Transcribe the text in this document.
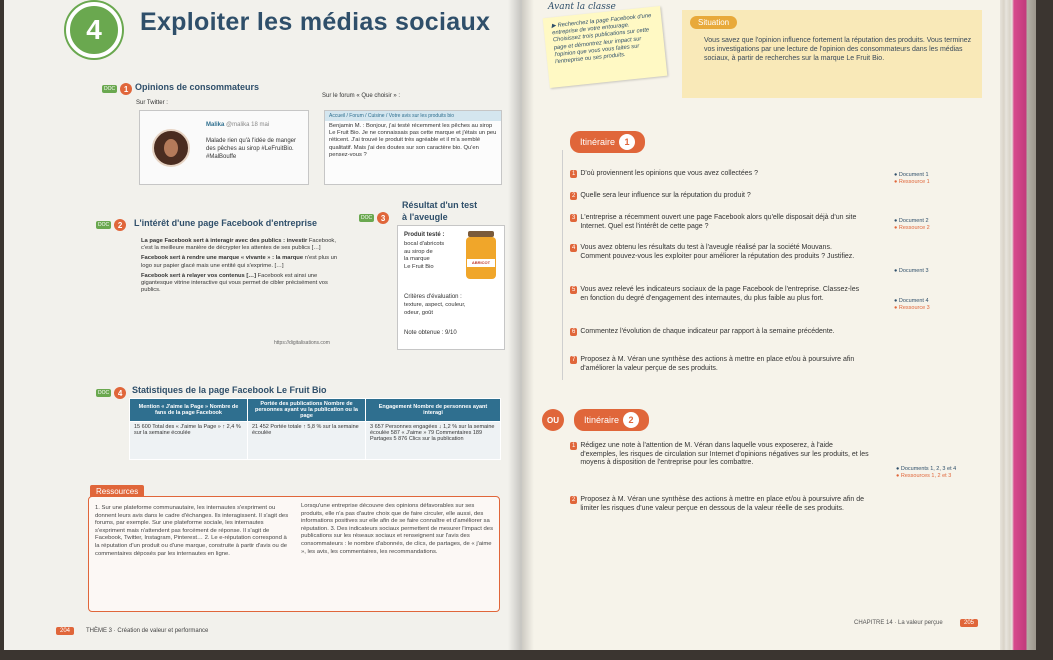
4 Exploiter les médias sociaux
DOC	1 Opinions de consommateurs
Sur Twitter :
Sur le forum « Que choisir » :
Malika @malika 18 mai
Malade rien qu'à l'idée de manger des pêches au sirop #LeFruitBio. #MalBouffe
Accueil / Forum / Cuisine / Votre avis sur les produits bio
Benjamin M. : Bonjour, j'ai testé récemment les pêches au sirop Le Fruit Bio. Je ne connaissais pas cette marque et j'étais un peu réticent. J'ai trouvé le produit très agréable et il m'a semblé qualitatif. Mais j'ai des doutes sur son caractère bio. Qu'en pensez-vous ?
DOC	2	L'intérêt d'une page Facebook d'entreprise
La page Facebook sert à interagir avec des publics : investir Facebook, c'est la meilleure manière de décrypter les attentes de ses publics […]
Facebook sert à rendre une marque « vivante » : la marque n'est plus un logo sur papier glacé mais une entité qui s'exprime. […]
Facebook sert à relayer vos contenus […] Facebook est ainsi une gigantesque vitrine interactive qui vous permet de cibler précisément vos publics.
https://digitalisations.com
Résultat d'un test
DOC	3	à l'aveugle
Produit testé :
bocal d'abricots
au sirop de
la marque
Le Fruit Bio
ABRICOT
Critères d'évaluation :
texture, aspect, couleur,
odeur, goût
Note obtenue : 9/10
DOC	4	Statistiques de la page Facebook Le Fruit Bio
Mention « J'aime la Page » Nombre de fans de la page Facebook	Portée des publications Nombre de personnes ayant vu la publication ou la page	Engagement Nombre de personnes ayant interagi
15 600 Total des « J'aime la Page » ↑ 2,4 % sur la semaine écoulée	21 452 Portée totale ↑ 5,8 % sur la semaine écoulée	3 657 Personnes engagées ↓ 1,2 % sur la semaine écoulée 587 « J'aime » 79 Commentaires 189 Partages 5 876 Clics sur la publication
Ressources
1. Sur une plateforme communautaire, les internautes s'expriment ou donnent leurs avis dans le cadre d'échanges. Ils interagissent. Il s'agit des forums, par exemple. Sur une plateforme sociale, les internautes s'expriment mais n'attendent pas forcément de réponse. Il s'agit de Facebook, Twitter, Instagram, Pinterest… 2. Le e-réputation correspond à la réputation d'un produit ou d'une marque, construite à partir d'avis ou de commentaires déposés par les internautes en ligne.
Lorsqu'une entreprise découvre des opinions défavorables sur ses produits, elle n'a pas d'autre choix que de faire circuler, elle aussi, des informations positives sur elle afin de se faire connaître et d'améliorer sa réputation. 3. Des indicateurs sociaux permettent de mesurer l'impact des publications sur les réseaux sociaux et renseignent sur l'avis des consommateurs : le nombre d'abonnés, de clics, de partages, de « j'aime », les avis, les commentaires, les recommandations.
204	THÈME 3 · Création de valeur et performance
Avant la classe
▶ Recherchez la page Facebook d'une entreprise de votre entourage. Choisissez trois publications sur cette page et démontrez leur impact sur l'opinion que vous vous faites sur l'entreprise ou ses produits.
Situation
Vous savez que l'opinion influence fortement la réputation des produits. Vous terminez vos investigations par une lecture de l'opinion des consommateurs dans les médias sociaux, à partir de recherches sur la marque Le Fruit Bio.
Itinéraire	1
1 D'où proviennent les opinions que vous avez collectées ?
2 Quelle sera leur influence sur la réputation du produit ?
3 L'entreprise a récemment ouvert une page Facebook alors qu'elle disposait déjà d'un site Internet. Quel est l'intérêt de cette page ?
4 Vous avez obtenu les résultats du test à l'aveugle réalisé par la société Mouvans. Comment pouvez-vous les exploiter pour améliorer la réputation des produits ? Justifiez.
5 Vous avez relevé les indicateurs sociaux de la page Facebook de l'entreprise. Classez-les en fonction du degré d'engagement des internautes, du plus faible au plus fort.
6 Commentez l'évolution de chaque indicateur par rapport à la semaine précédente.
7 Proposez à M. Véran une synthèse des actions à mettre en place et/ou à poursuivre afin d'améliorer la valeur perçue de ses produits.
● Document 1
● Ressource 1
● Document 2
● Ressource 2
● Document 3
● Document 4
● Ressource 3
OU	Itinéraire	2
1 Rédigez une note à l'attention de M. Véran dans laquelle vous exposerez, à l'aide d'exemples, les risques de circulation sur Internet d'opinions négatives sur les produits, et les moyens à disposition de l'entreprise pour les combattre.
2 Proposez à M. Véran une synthèse des actions à mettre en place et/ou à poursuivre afin de limiter les risques d'une valeur perçue en dessous de la valeur réelle de ses produits.
● Documents 1, 2, 3 et 4
● Ressources 1, 2 et 3
CHAPITRE 14 · La valeur perçue	205
